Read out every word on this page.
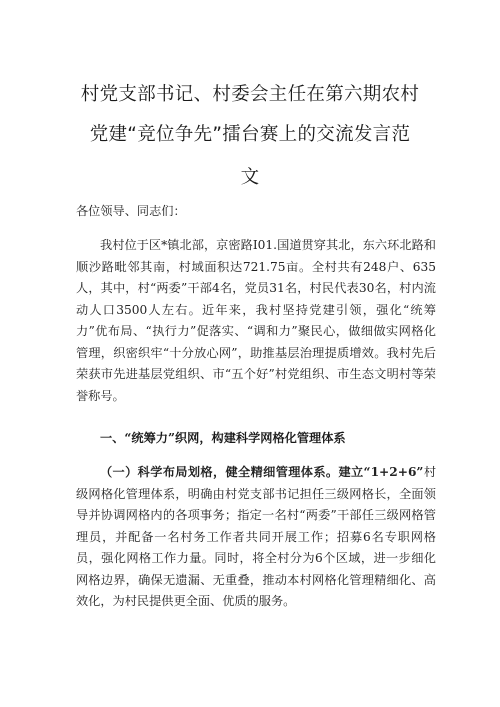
村党支部书记、村委会主任在第六期农村
党建“竞位争先”擂台赛上的交流发言范
文
各位领导、同志们：
我村位于区*镇北部，京密路I01.国道贯穿其北，东六环北路和顺沙路毗邻其南，村域面积达721.75亩。全村共有248户、635人，其中，村“两委”干部4名，党员31名，村民代表30名，村内流动人口3500人左右。近年来，我村坚持党建引领，强化“统筹力”优布局、“执行力”促落实、“调和力”聚民心，做细做实网格化管理，织密织牢“十分放心网”，助推基层治理提质增效。我村先后荣获市先进基层党组织、市“五个好”村党组织、市生态文明村等荣誉称号。
一、“统筹力”织网，构建科学网格化管理体系
（一）科学布局划格，健全精细管理体系。建立“1+2+6”村级网格化管理体系，明确由村党支部书记担任三级网格长，全面领导并协调网格内的各项事务；指定一名村“两委”干部任三级网格管理员，并配备一名村务工作者共同开展工作；招募6名专职网格员，强化网格工作力量。同时，将全村分为6个区域，进一步细化网格边界，确保无遗漏、无重叠，推动本村网格化管理精细化、高效化，为村民提供更全面、优质的服务。
